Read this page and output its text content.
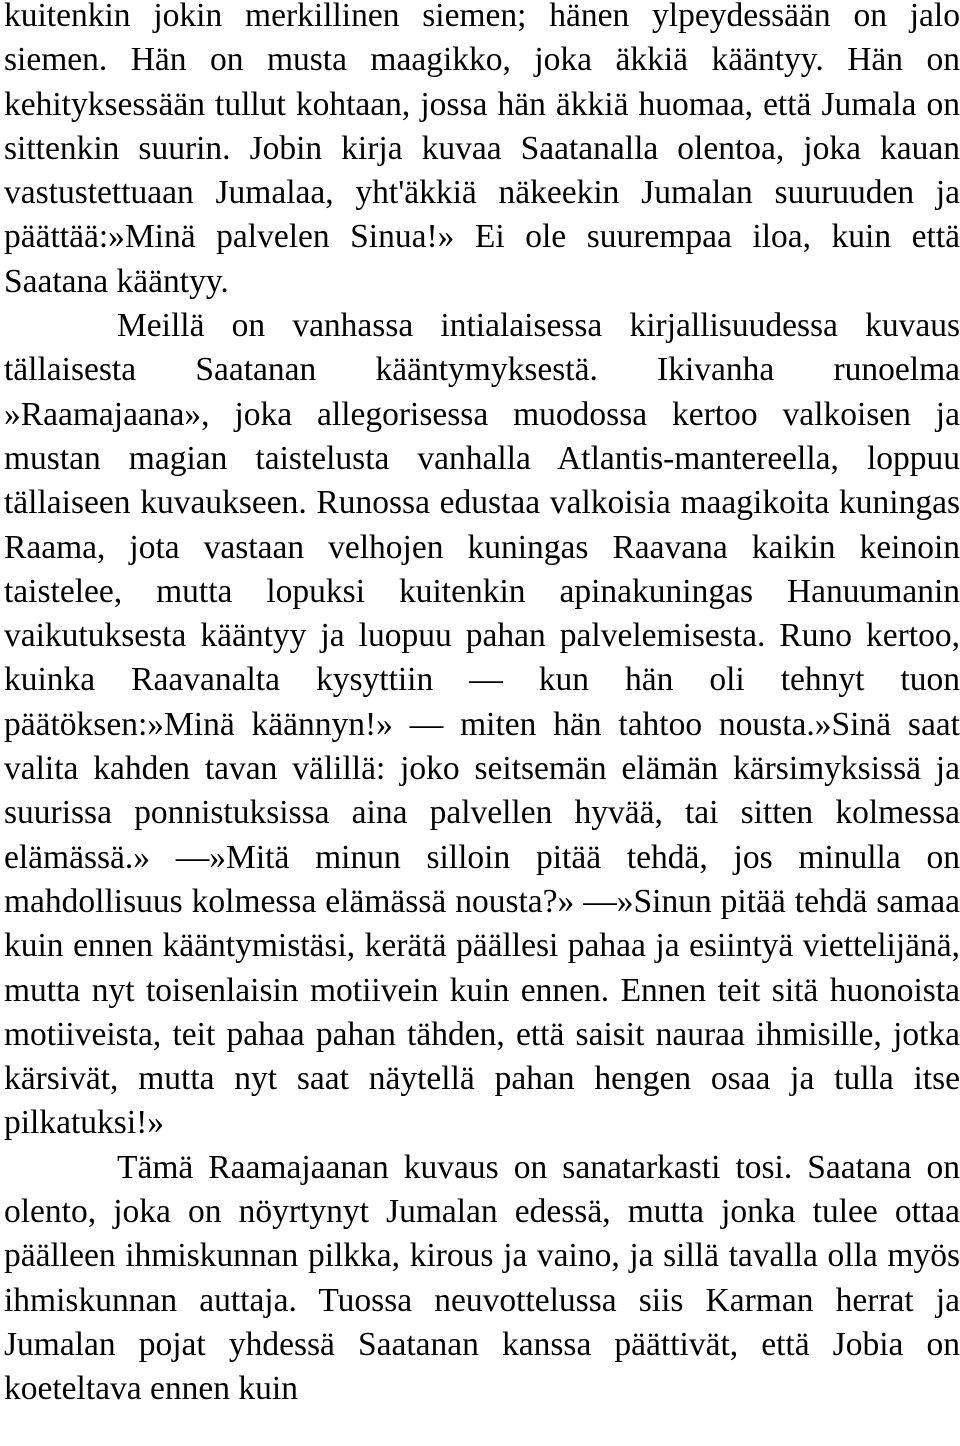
kuitenkin jokin merkillinen siemen; hänen ylpeydessään on jalo siemen. Hän on musta maagikko, joka äkkiä kääntyy. Hän on kehityksessään tullut kohtaan, jossa hän äkkiä huomaa, että Jumala on sittenkin suurin. Jobin kirja kuvaa Saatanalla olentoa, joka kauan vastustettuaan Jumalaa, yht'äkkiä näkeekin Jumalan suuruuden ja päättää:»Minä palvelen Sinua!» Ei ole suurempaa iloa, kuin että Saatana kääntyy.

Meillä on vanhassa intialaisessa kirjallisuudessa kuvaus tällaisesta Saatanan kääntymyksestä. Ikivanha runoelma »Raamajaana», joka allegorisessa muodossa kertoo valkoisen ja mustan magian taistelusta vanhalla Atlantis-mantereella, loppuu tällaiseen kuvaukseen. Runossa edustaa valkoisia maagikoita kuningas Raama, jota vastaan velhojen kuningas Raavana kaikin keinoin taistelee, mutta lopuksi kuitenkin apinakuningas Hanuumanin vaikutuksesta kääntyy ja luopuu pahan palvelemisesta. Runo kertoo, kuinka Raavanalta kysyttiin — kun hän oli tehnyt tuon päätöksen:»Minä käännyn!» — miten hän tahtoo nousta.»Sinä saat valita kahden tavan välillä: joko seitsemän elämän kärsimyksissä ja suurissa ponnistuksissa aina palvellen hyvää, tai sitten kolmessa elämässä.» —»Mitä minun silloin pitää tehdä, jos minulla on mahdollisuus kolmessa elämässä nousta?» —»Sinun pitää tehdä samaa kuin ennen kääntymistäsi, kerätä päällesi pahaa ja esiintyä viettelijänä, mutta nyt toisenlaisin motiivein kuin ennen. Ennen teit sitä huonoista motiiveista, teit pahaa pahan tähden, että saisit nauraa ihmisille, jotka kärsivät, mutta nyt saat näytellä pahan hengen osaa ja tulla itse pilkatuksi!»

Tämä Raamajaanan kuvaus on sanatarkasti tosi. Saatana on olento, joka on nöyrtynyt Jumalan edessä, mutta jonka tulee ottaa päälleen ihmiskunnan pilkka, kirous ja vaino, ja sillä tavalla olla myös ihmiskunnan auttaja. Tuossa neuvottelussa siis Karman herrat ja Jumalan pojat yhdessä Saatanan kanssa päättivät, että Jobia on koeteltava ennen kuin
